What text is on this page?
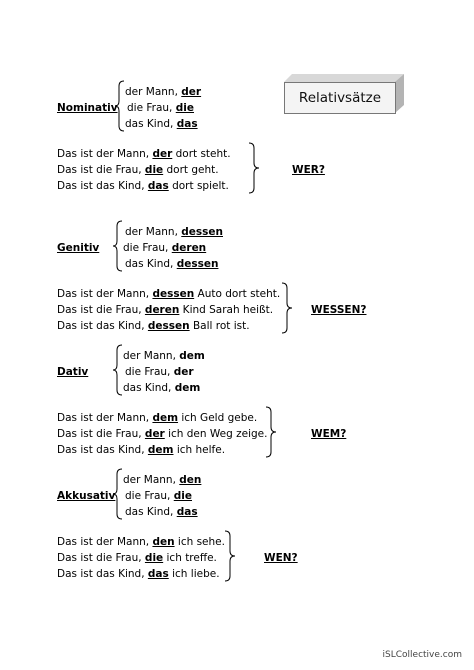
Relativsätze
Nominativ
der Mann, der
die Frau, die
das Kind, das
Das ist der Mann, der dort steht.
Das ist die Frau, die dort geht.
Das ist das Kind, das dort spielt.
WER?
Genitiv
der Mann, dessen
die Frau, deren
das Kind, dessen
Das ist der Mann, dessen Auto dort steht.
Das ist die Frau, deren Kind Sarah heißt.
Das ist das Kind, dessen Ball rot ist.
WESSEN?
Dativ
der Mann, dem
die Frau, der
das Kind, dem
Das ist der Mann, dem ich Geld gebe.
Das ist die Frau, der ich den Weg zeige.
Das ist das Kind, dem ich helfe.
WEM?
Akkusativ
der Mann, den
die Frau, die
das Kind, das
Das ist der Mann, den ich sehe.
Das ist die Frau, die ich treffe.
Das ist das Kind, das ich liebe.
WEN?
iSLCollective.com
